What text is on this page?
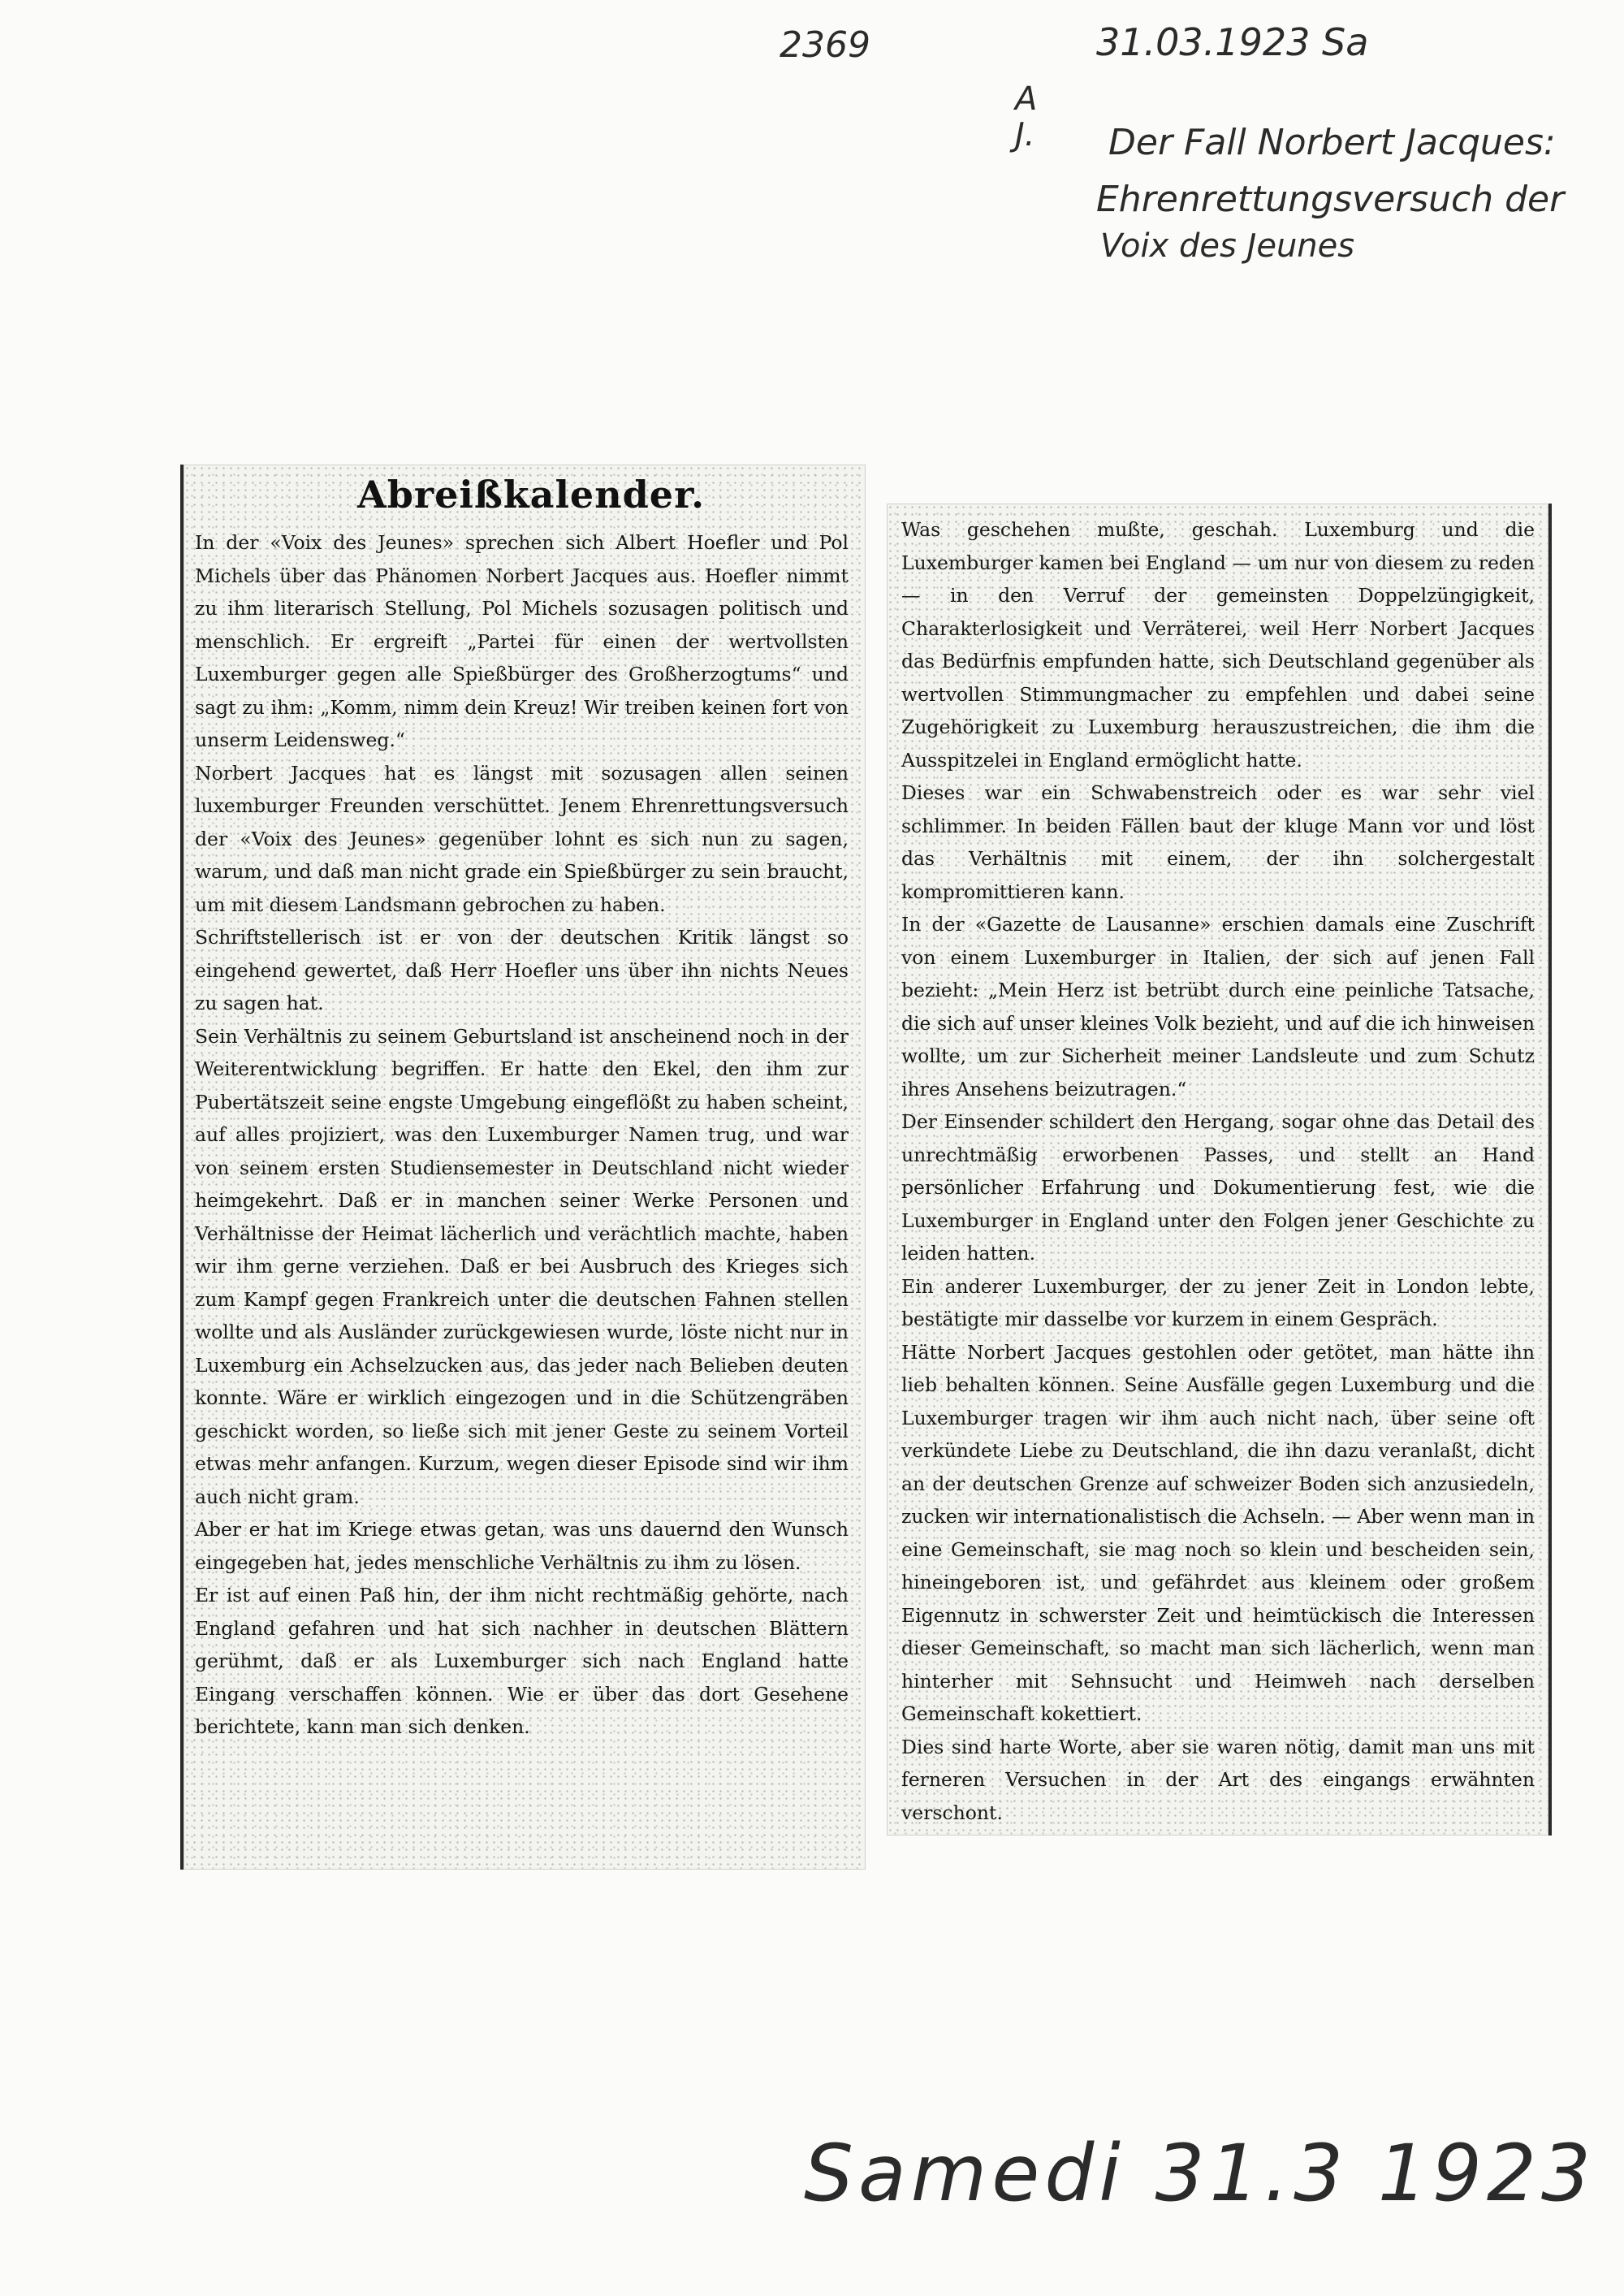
2369	31.03.1923 Sa
A
J. Der Fall Norbert Jacques:
Ehrenrettungsversuch der
Voix des Jeunes
Abreißkalender.
In der «Voix des Jeunes» sprechen sich Albert Hoefler und Pol Michels über das Phänomen Norbert Jacques aus. Hoefler nimmt zu ihm literarisch Stellung, Pol Michels sozusagen politisch und menschlich. Er ergreift „Partei für einen der wertvollsten Luxemburger gegen alle Spießbürger des Großherzogtums“ und sagt zu ihm: „Komm, nimm dein Kreuz! Wir treiben keinen fort von unserm Leidensweg.“
Norbert Jacques hat es längst mit sozusagen allen seinen luxemburger Freunden verschüttet. Jenem Ehrenrettungsversuch der «Voix des Jeunes» gegenüber lohnt es sich nun zu sagen, warum, und daß man nicht grade ein Spießbürger zu sein braucht, um mit diesem Landsmann gebrochen zu haben.
Schriftstellerisch ist er von der deutschen Kritik längst so eingehend gewertet, daß Herr Hoefler uns über ihn nichts Neues zu sagen hat.
Sein Verhältnis zu seinem Geburtsland ist anscheinend noch in der Weiterentwicklung begriffen. Er hatte den Ekel, den ihm zur Pubertätszeit seine engste Umgebung eingeflößt zu haben scheint, auf alles projiziert, was den Luxemburger Namen trug, und war von seinem ersten Studiensemester in Deutschland nicht wieder heimgekehrt. Daß er in manchen seiner Werke Personen und Verhältnisse der Heimat lächerlich und verächtlich machte, haben wir ihm gerne verziehen. Daß er bei Ausbruch des Krieges sich zum Kampf gegen Frankreich unter die deutschen Fahnen stellen wollte und als Ausländer zurückgewiesen wurde, löste nicht nur in Luxemburg ein Achselzucken aus, das jeder nach Belieben deuten konnte. Wäre er wirklich eingezogen und in die Schützengräben geschickt worden, so ließe sich mit jener Geste zu seinem Vorteil etwas mehr anfangen. Kurzum, wegen dieser Episode sind wir ihm auch nicht gram.
Aber er hat im Kriege etwas getan, was uns dauernd den Wunsch eingegeben hat, jedes menschliche Verhältnis zu ihm zu lösen.
Er ist auf einen Paß hin, der ihm nicht rechtmäßig gehörte, nach England gefahren und hat sich nachher in deutschen Blättern gerühmt, daß er als Luxemburger sich nach England hatte Eingang verschaffen können. Wie er über das dort Gesehene berichtete, kann man sich denken.
Was geschehen mußte, geschah. Luxemburg und die Luxemburger kamen bei England — um nur von diesem zu reden — in den Verruf der gemeinsten Doppelzüngigkeit, Charakterlosigkeit und Verräterei, weil Herr Norbert Jacques das Bedürfnis empfunden hatte, sich Deutschland gegenüber als wertvollen Stimmungmacher zu empfehlen und dabei seine Zugehörigkeit zu Luxemburg herauszustreichen, die ihm die Ausspitzelei in England ermöglicht hatte.
Dieses war ein Schwabenstreich oder es war sehr viel schlimmer. In beiden Fällen baut der kluge Mann vor und löst das Verhältnis mit einem, der ihn solchergestalt kompromittieren kann.
In der «Gazette de Lausanne» erschien damals eine Zuschrift von einem Luxemburger in Italien, der sich auf jenen Fall bezieht: „Mein Herz ist betrübt durch eine peinliche Tatsache, die sich auf unser kleines Volk bezieht, und auf die ich hinweisen wollte, um zur Sicherheit meiner Landsleute und zum Schutz ihres Ansehens beizutragen.“
Der Einsender schildert den Hergang, sogar ohne das Detail des unrechtmäßig erworbenen Passes, und stellt an Hand persönlicher Erfahrung und Dokumentierung fest, wie die Luxemburger in England unter den Folgen jener Geschichte zu leiden hatten.
Ein anderer Luxemburger, der zu jener Zeit in London lebte, bestätigte mir dasselbe vor kurzem in einem Gespräch.
Hätte Norbert Jacques gestohlen oder getötet, man hätte ihn lieb behalten können. Seine Ausfälle gegen Luxemburg und die Luxemburger tragen wir ihm auch nicht nach, über seine oft verkündete Liebe zu Deutschland, die ihn dazu veranlaßt, dicht an der deutschen Grenze auf schweizer Boden sich anzusiedeln, zucken wir internationalistisch die Achseln. — Aber wenn man in eine Gemeinschaft, sie mag noch so klein und bescheiden sein, hineingeboren ist, und gefährdet aus kleinem oder großem Eigennutz in schwerster Zeit und heimtückisch die Interessen dieser Gemeinschaft, so macht man sich lächerlich, wenn man hinterher mit Sehnsucht und Heimweh nach derselben Gemeinschaft kokettiert.
Dies sind harte Worte, aber sie waren nötig, damit man uns mit ferneren Versuchen in der Art des eingangs erwähnten verschont.
Samedi 31.3 1923
